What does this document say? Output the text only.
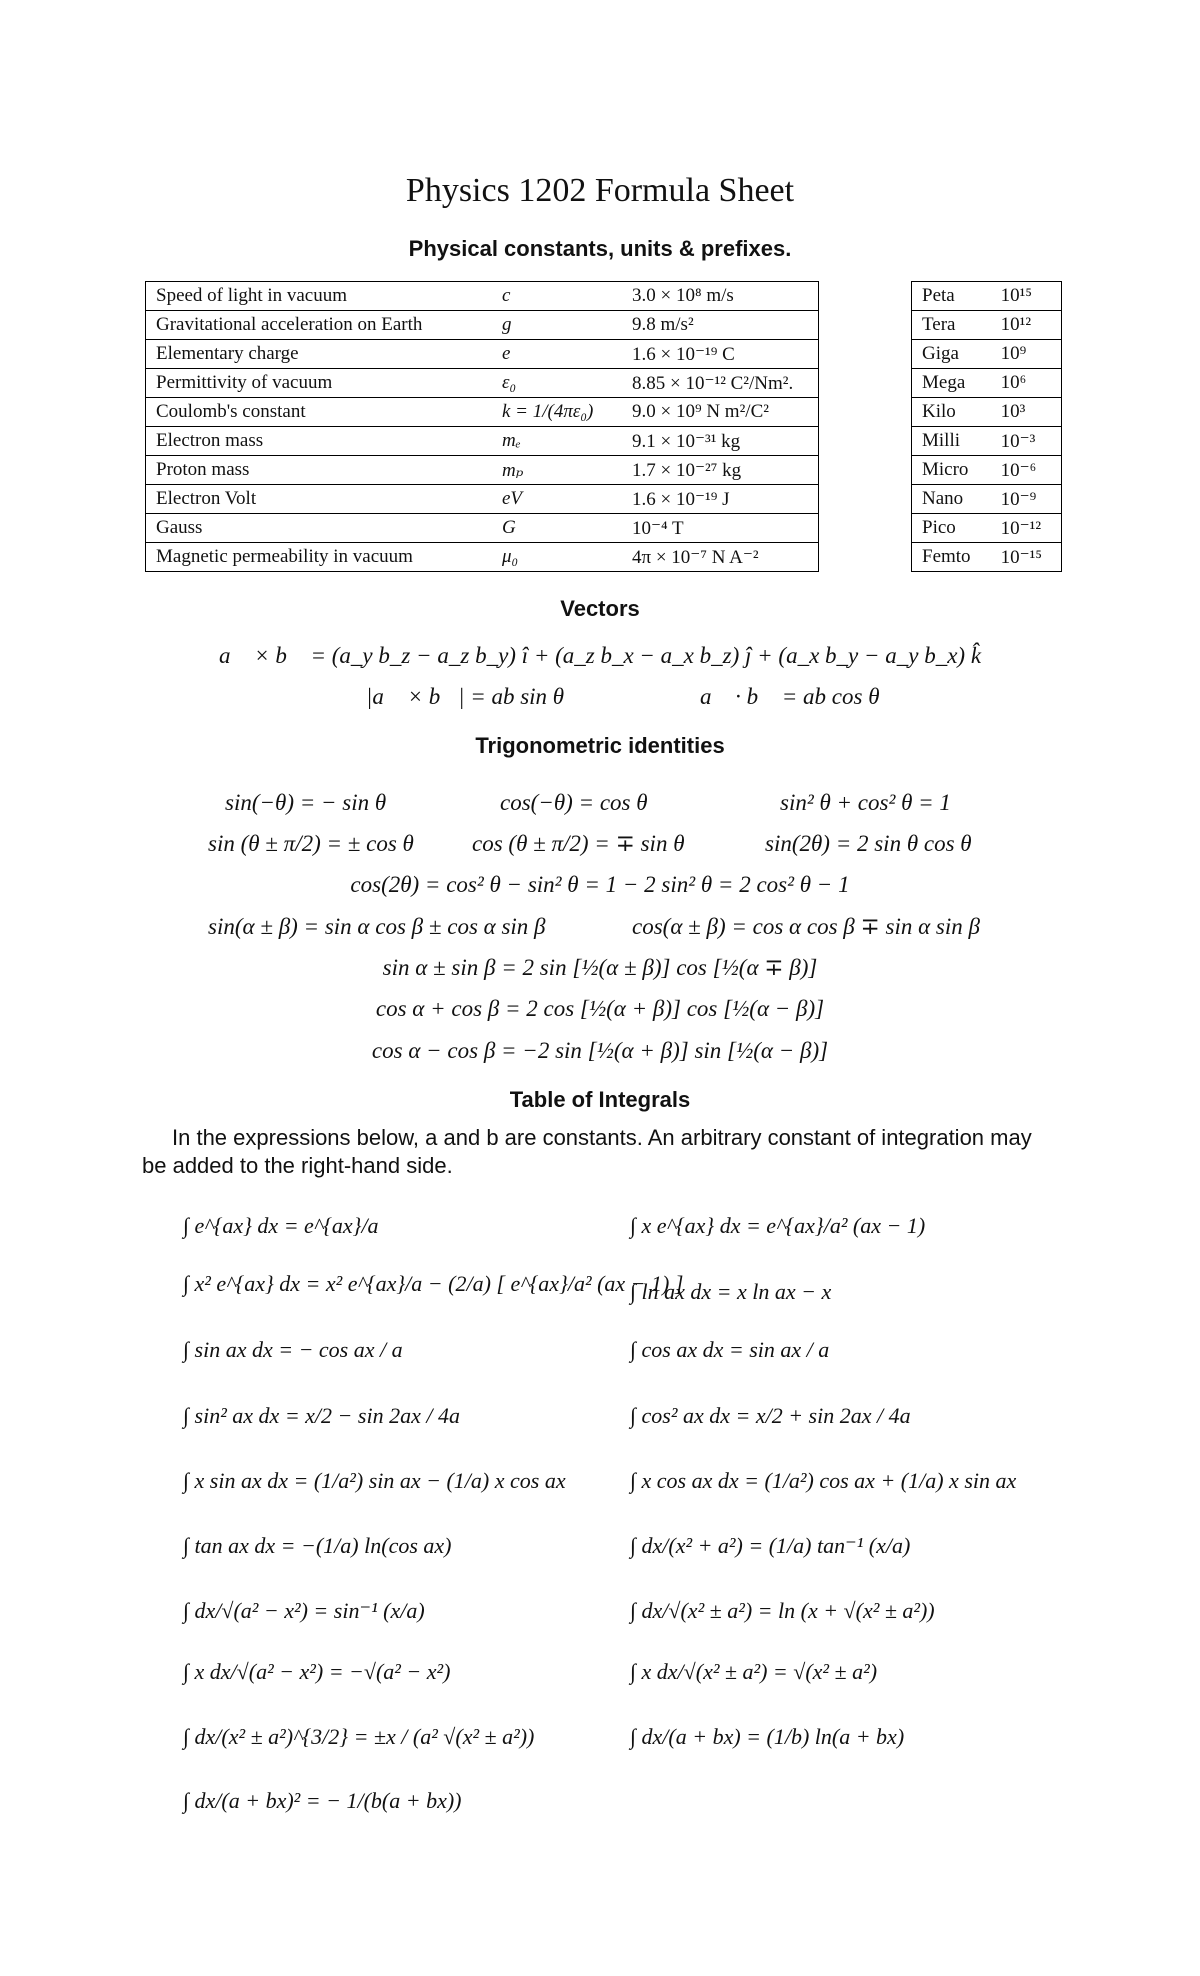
Physics 1202 Formula Sheet
Physical constants, units & prefixes.
Speed of light in vacuum	c	3.0 × 10⁸ m/s
Gravitational acceleration on Earth	g	9.8 m/s²
Elementary charge	e	1.6 × 10⁻¹⁹ C
Permittivity of vacuum	ε₀	8.85 × 10⁻¹² C²/Nm².
Coulomb's constant	k = 1/(4πε₀)	9.0 × 10⁹ N m²/C²
Electron mass	mₑ	9.1 × 10⁻³¹ kg
Proton mass	mₚ	1.7 × 10⁻²⁷ kg
Electron Volt	eV	1.6 × 10⁻¹⁹ J
Gauss	G	10⁻⁴ T
Magnetic permeability in vacuum	μ₀	4π × 10⁻⁷ N A⁻²
Peta	10¹⁵
Tera	10¹²
Giga	10⁹
Mega	10⁶
Kilo	10³
Milli	10⁻³
Micro	10⁻⁶
Nano	10⁻⁹
Pico	10⁻¹²
Femto	10⁻¹⁵
Vectors
a⃗ × b⃗ = (a_y b_z − a_z b_y) î + (a_z b_x − a_x b_z) ĵ + (a_x b_y − a_y b_x) k̂
|a⃗ × b⃗| = ab sin θ	a⃗ · b⃗ = ab cos θ
Trigonometric identities
sin(−θ) = − sin θ	cos(−θ) = cos θ	sin² θ + cos² θ = 1
sin (θ ± π/2) = ± cos θ	cos (θ ± π/2) = ∓ sin θ	sin(2θ) = 2 sin θ cos θ
cos(2θ) = cos² θ − sin² θ = 1 − 2 sin² θ = 2 cos² θ − 1
sin(α ± β) = sin α cos β ± cos α sin β	cos(α ± β) = cos α cos β ∓ sin α sin β
sin α ± sin β = 2 sin [½(α ± β)] cos [½(α ∓ β)]
cos α + cos β = 2 cos [½(α + β)] cos [½(α − β)]
cos α − cos β = −2 sin [½(α + β)] sin [½(α − β)]
Table of Integrals
In the expressions below, a and b are constants. An arbitrary constant of integration may be added to the right-hand side.
∫ e^{ax} dx = e^{ax}/a
∫ x² e^{ax} dx = x² e^{ax}/a − (2/a) [ e^{ax}/a² (ax − 1) ]
∫ sin ax dx = − cos ax / a
∫ sin² ax dx = x/2 − sin 2ax / 4a
∫ x sin ax dx = (1/a²) sin ax − (1/a) x cos ax
∫ tan ax dx = −(1/a) ln(cos ax)
∫ dx/√(a² − x²) = sin⁻¹ (x/a)
∫ x dx/√(a² − x²) = −√(a² − x²)
∫ dx/(x² ± a²)^{3/2} = ±x / (a² √(x² ± a²))
∫ dx/(a + bx)² = − 1/(b(a + bx))
∫ x e^{ax} dx = e^{ax}/a² (ax − 1)
∫ ln ax dx = x ln ax − x
∫ cos ax dx = sin ax / a
∫ cos² ax dx = x/2 + sin 2ax / 4a
∫ x cos ax dx = (1/a²) cos ax + (1/a) x sin ax
∫ dx/(x² + a²) = (1/a) tan⁻¹ (x/a)
∫ dx/√(x² ± a²) = ln (x + √(x² ± a²))
∫ x dx/√(x² ± a²) = √(x² ± a²)
∫ dx/(a + bx) = (1/b) ln(a + bx)
